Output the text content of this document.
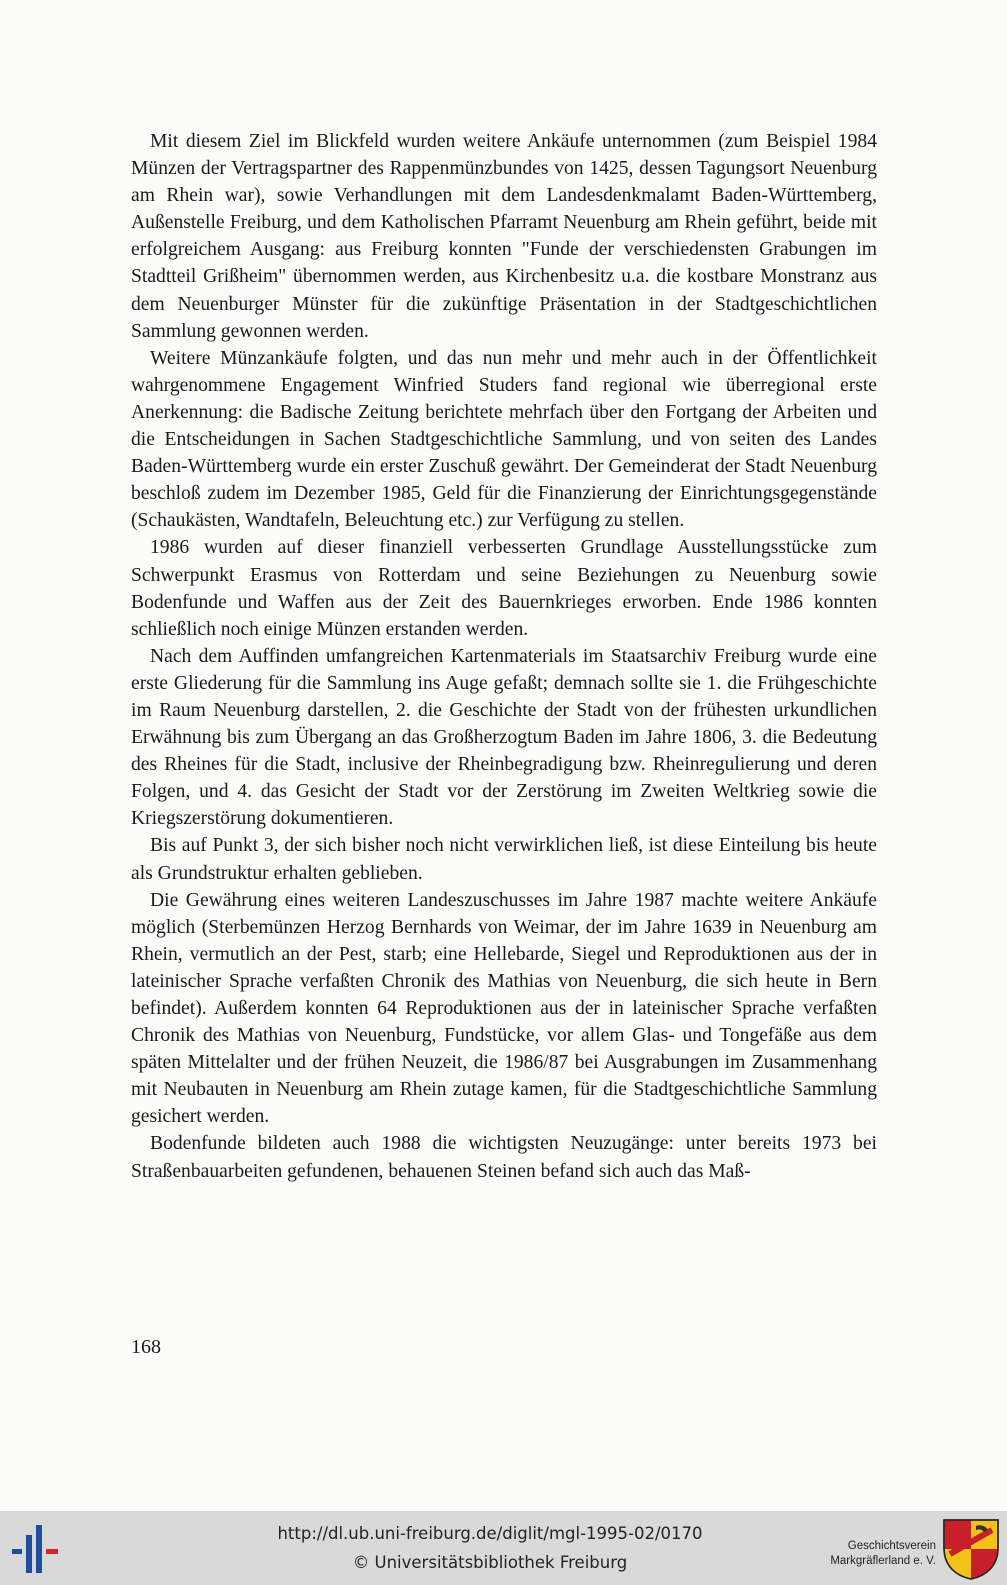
Mit diesem Ziel im Blickfeld wurden weitere Ankäufe unternommen (zum Beispiel 1984 Münzen der Vertragspartner des Rappenmünzbundes von 1425, dessen Tagungsort Neuenburg am Rhein war), sowie Verhandlungen mit dem Landesdenkmalamt Baden-Württemberg, Außenstelle Freiburg, und dem Katholischen Pfarramt Neuenburg am Rhein geführt, beide mit erfolgreichem Ausgang: aus Freiburg konnten "Funde der verschiedensten Grabungen im Stadtteil Grißheim" übernommen werden, aus Kirchenbesitz u.a. die kostbare Monstranz aus dem Neuenburger Münster für die zukünftige Präsentation in der Stadtgeschichtlichen Sammlung gewonnen werden.

Weitere Münzankäufe folgten, und das nun mehr und mehr auch in der Öffentlichkeit wahrgenommene Engagement Winfried Studers fand regional wie überregional erste Anerkennung: die Badische Zeitung berichtete mehrfach über den Fortgang der Arbeiten und die Entscheidungen in Sachen Stadtgeschichtliche Sammlung, und von seiten des Landes Baden-Württemberg wurde ein erster Zuschuß gewährt. Der Gemeinderat der Stadt Neuenburg beschloß zudem im Dezember 1985, Geld für die Finanzierung der Einrichtungsgegenstände (Schaukästen, Wandtafeln, Beleuchtung etc.) zur Verfügung zu stellen.

1986 wurden auf dieser finanziell verbesserten Grundlage Ausstellungsstücke zum Schwerpunkt Erasmus von Rotterdam und seine Beziehungen zu Neuenburg sowie Bodenfunde und Waffen aus der Zeit des Bauernkrieges erworben. Ende 1986 konnten schließlich noch einige Münzen erstanden werden.

Nach dem Auffinden umfangreichen Kartenmaterials im Staatsarchiv Freiburg wurde eine erste Gliederung für die Sammlung ins Auge gefaßt; demnach sollte sie 1. die Frühgeschichte im Raum Neuenburg darstellen, 2. die Geschichte der Stadt von der frühesten urkundlichen Erwähnung bis zum Übergang an das Großherzogtum Baden im Jahre 1806, 3. die Bedeutung des Rheines für die Stadt, inclusive der Rheinbegradigung bzw. Rheinregulierung und deren Folgen, und 4. das Gesicht der Stadt vor der Zerstörung im Zweiten Weltkrieg sowie die Kriegszerstörung dokumentieren.

Bis auf Punkt 3, der sich bisher noch nicht verwirklichen ließ, ist diese Einteilung bis heute als Grundstruktur erhalten geblieben.

Die Gewährung eines weiteren Landeszuschusses im Jahre 1987 machte weitere Ankäufe möglich (Sterbemünzen Herzog Bernhards von Weimar, der im Jahre 1639 in Neuenburg am Rhein, vermutlich an der Pest, starb; eine Hellebarde, Siegel und Reproduktionen aus der in lateinischer Sprache verfaßten Chronik des Mathias von Neuenburg, die sich heute in Bern befindet). Außerdem konnten 64 Reproduktionen aus der in lateinischer Sprache verfaßten Chronik des Mathias von Neuenburg, Fundstücke, vor allem Glas- und Tongefäße aus dem späten Mittelalter und der frühen Neuzeit, die 1986/87 bei Ausgrabungen im Zusammenhang mit Neubauten in Neuenburg am Rhein zutage kamen, für die Stadtgeschichtliche Sammlung gesichert werden.

Bodenfunde bildeten auch 1988 die wichtigsten Neuzugänge: unter bereits 1973 bei Straßenbauarbeiten gefundenen, behauenen Steinen befand sich auch das Maß-

168
http://dl.ub.uni-freiburg.de/diglit/mgl-1995-02/0170
© Universitätsbibliothek Freiburg
Geschichtsverein
Markgräflerland e. V.
